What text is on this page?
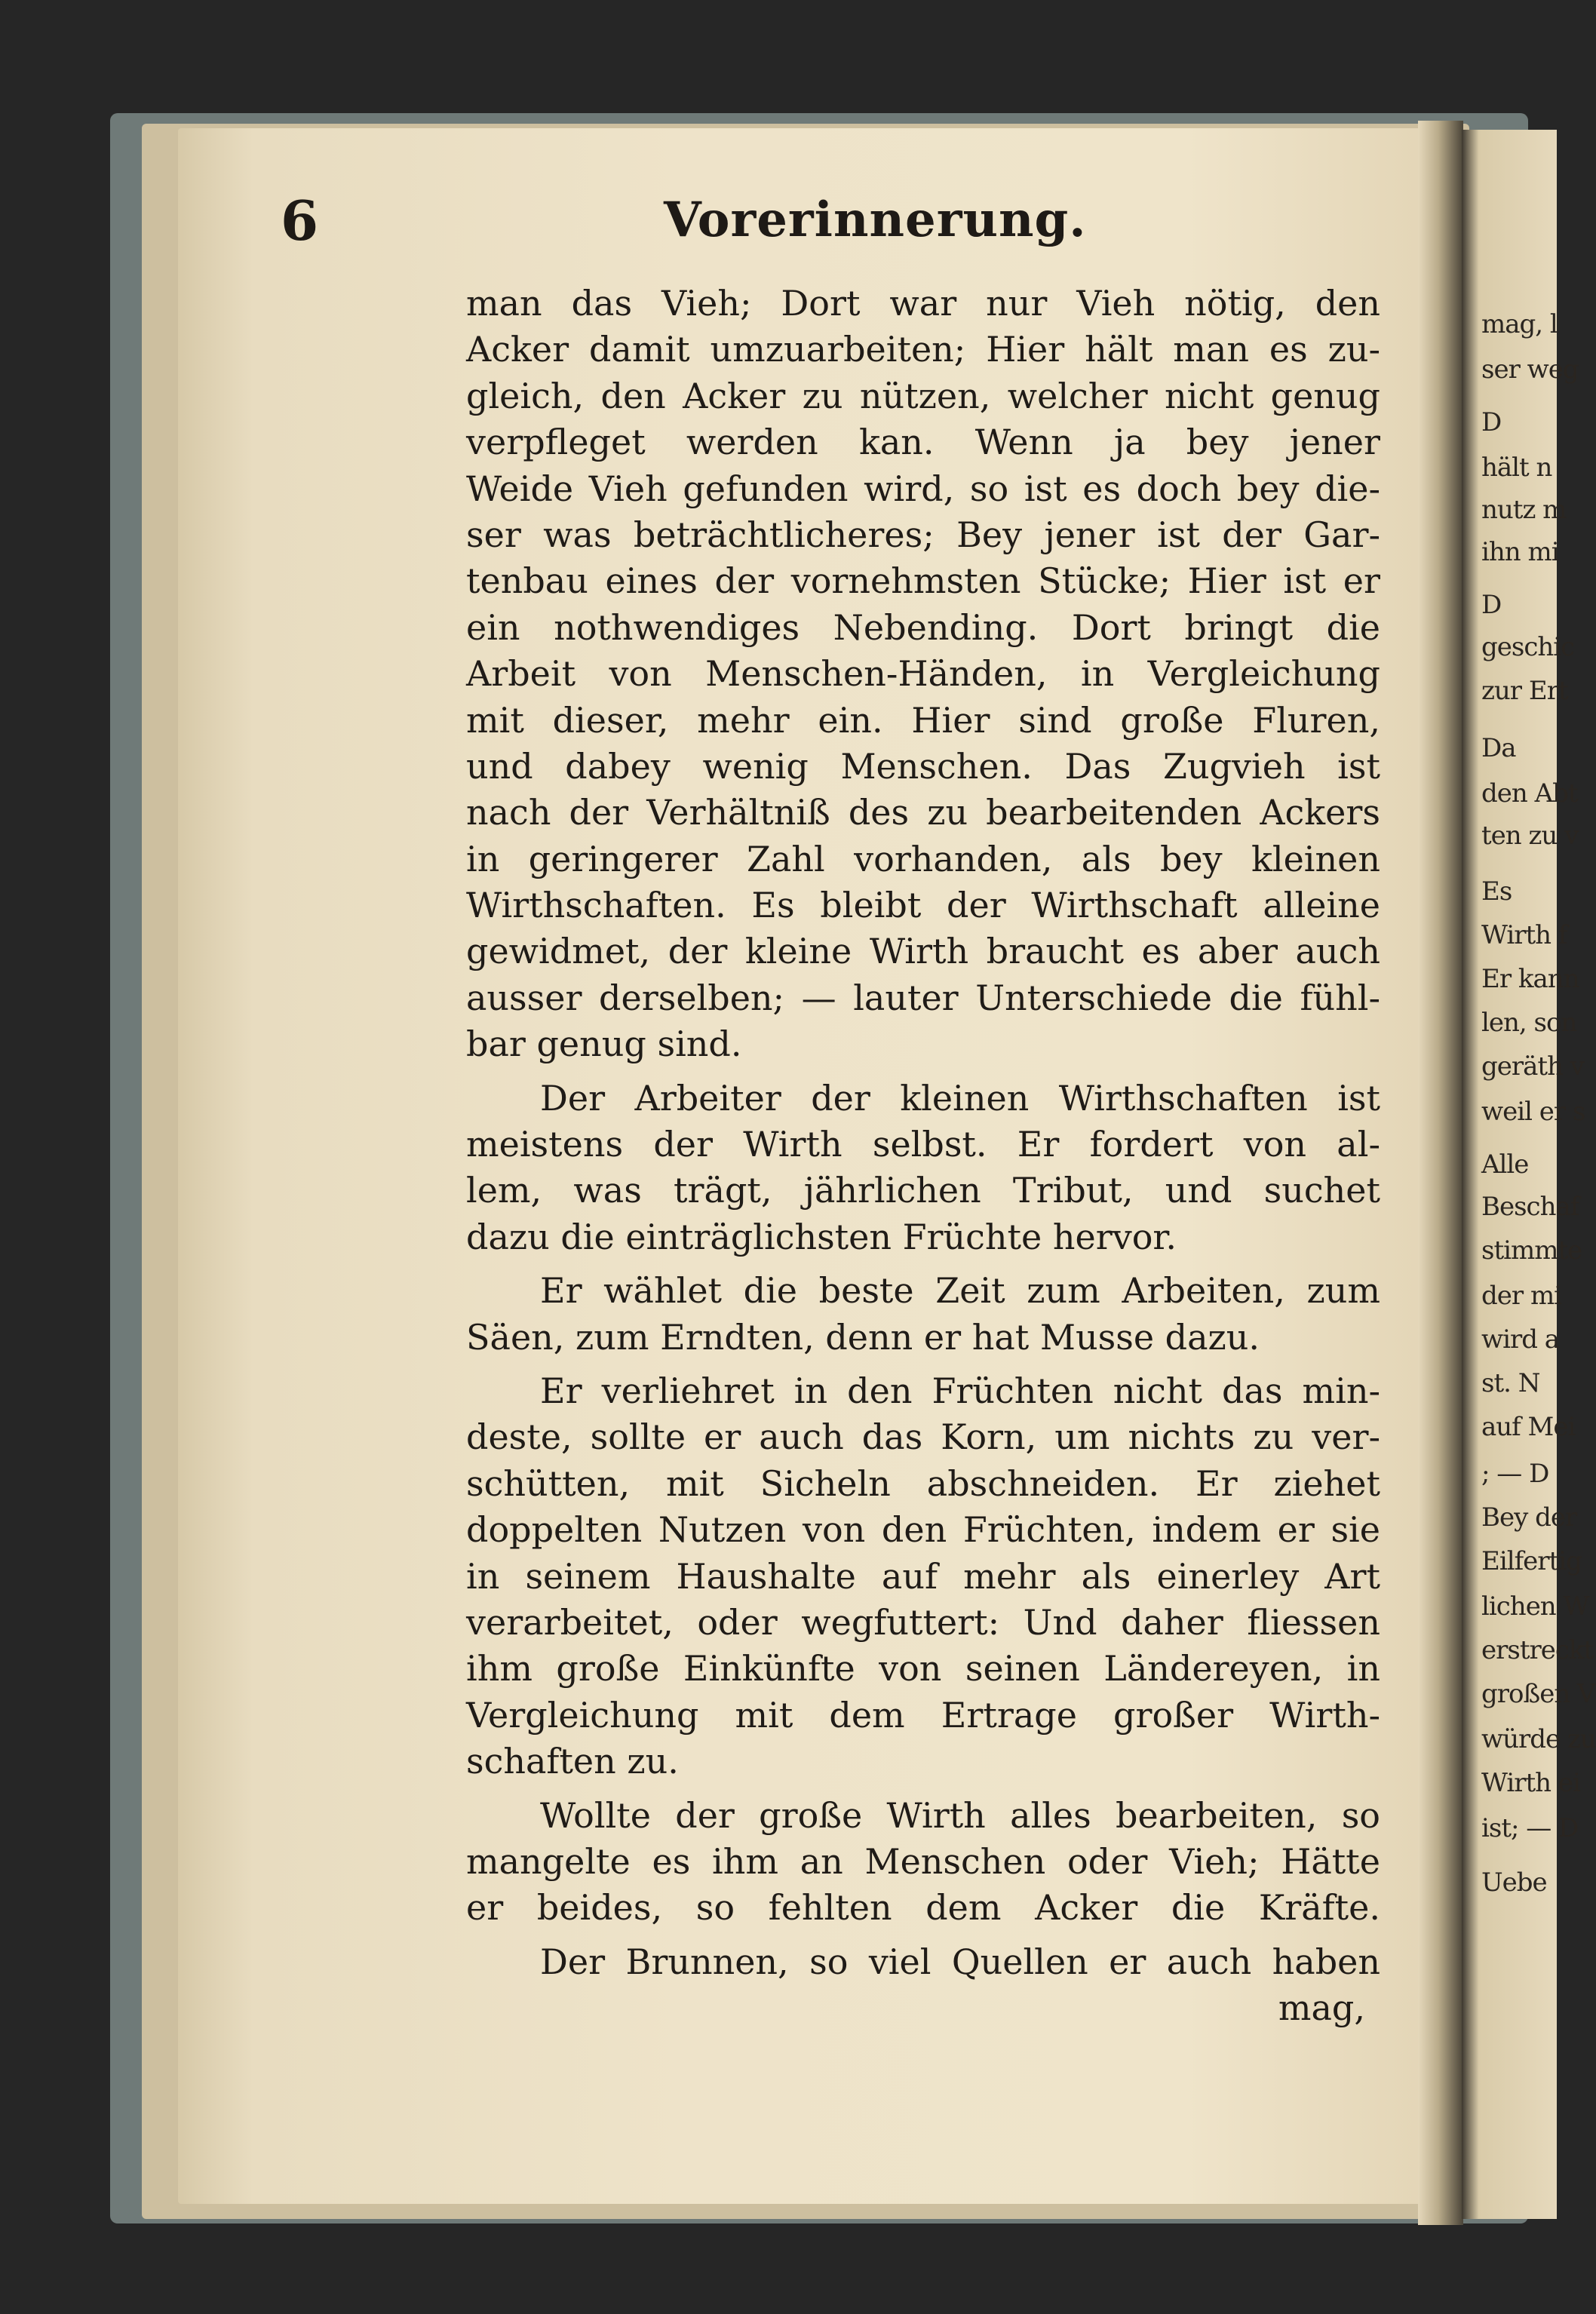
mag, l
ser weg
D
hält n
nutz m
ihn mi
D
geschic
zur Ert
Da
den Abt
ten zu v
Es
Wirth f
Er kann
len, son
geräth v
weil er s
Alle
Beschaf
stimmte
der mi
wird a
st. N
auf Mei
; — D
Bey der
Eilfertig
lichen W
erstreckt
großen V
würde zu
Wirth ei
ist; — D
Uebe
6	Vorerinnerung.
man das Vieh; Dort war nur Vieh nötig, den
Acker damit umzuarbeiten; Hier hält man es zu-
gleich, den Acker zu nützen, welcher nicht genug
verpfleget werden kan. Wenn ja bey jener
Weide Vieh gefunden wird, so ist es doch bey die-
ser was beträchtlicheres; Bey jener ist der Gar-
tenbau eines der vornehmsten Stücke; Hier ist er
ein nothwendiges Nebending. Dort bringt die
Arbeit von Menschen-Händen, in Vergleichung
mit dieser, mehr ein. Hier sind große Fluren,
und dabey wenig Menschen. Das Zugvieh ist
nach der Verhältniß des zu bearbeitenden Ackers
in geringerer Zahl vorhanden, als bey kleinen
Wirthschaften. Es bleibt der Wirthschaft alleine
gewidmet, der kleine Wirth braucht es aber auch
ausser derselben; — lauter Unterschiede die fühl-
bar genug sind.
Der Arbeiter der kleinen Wirthschaften ist
meistens der Wirth selbst. Er fordert von al-
lem, was trägt, jährlichen Tribut, und suchet
dazu die einträglichsten Früchte hervor.
Er wählet die beste Zeit zum Arbeiten, zum
Säen, zum Erndten, denn er hat Musse dazu.
Er verliehret in den Früchten nicht das min-
deste, sollte er auch das Korn, um nichts zu ver-
schütten, mit Sicheln abschneiden. Er ziehet
doppelten Nutzen von den Früchten, indem er sie
in seinem Haushalte auf mehr als einerley Art
verarbeitet, oder wegfuttert: Und daher fliessen
ihm große Einkünfte von seinen Ländereyen, in
Vergleichung mit dem Ertrage großer Wirth-
schaften zu.
Wollte der große Wirth alles bearbeiten, so
mangelte es ihm an Menschen oder Vieh; Hätte
er beides, so fehlten dem Acker die Kräfte.
Der Brunnen, so viel Quellen er auch haben
mag,
